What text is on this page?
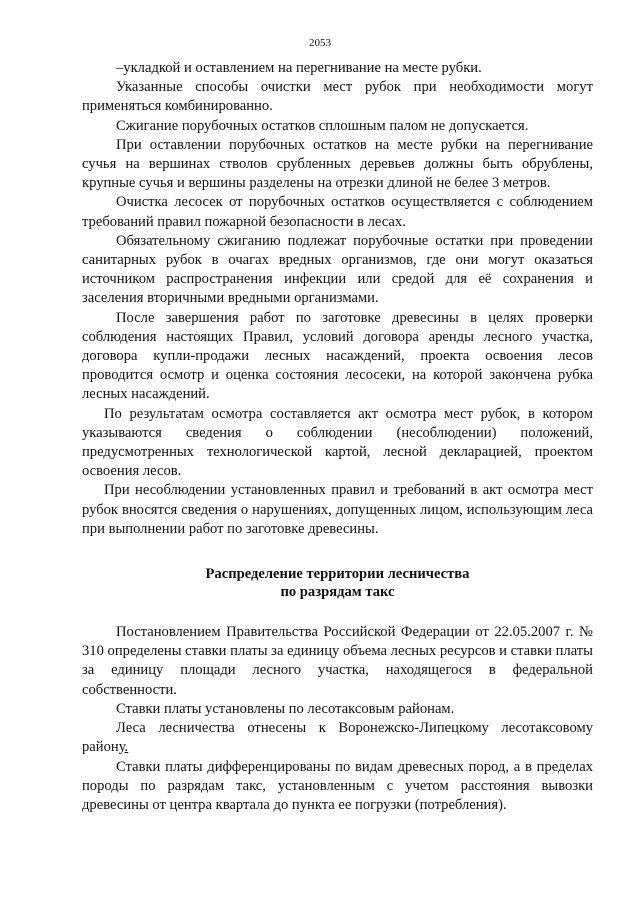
2053

–укладкой и оставлением на перегнивание на месте рубки.

Указанные способы очистки мест рубок при необходимости могут применяться комбинированно.

Сжигание порубочных остатков сплошным палом не допускается.

При оставлении порубочных остатков на месте рубки на перегнивание сучья на вершинах стволов срубленных деревьев должны быть обрублены, крупные сучья и вершины разделены на отрезки длиной не белее 3 метров.

Очистка лесосек от порубочных остатков осуществляется с соблюдением требований правил пожарной безопасности в лесах.

Обязательному сжиганию подлежат порубочные остатки при проведении санитарных рубок в очагах вредных организмов, где они могут оказаться источником распространения инфекции или средой для её сохранения и заселения вторичными вредными организмами.

После завершения работ по заготовке древесины в целях проверки соблюдения настоящих Правил, условий договора аренды лесного участка, договора купли-продажи лесных насаждений, проекта освоения лесов проводится осмотр и оценка состояния лесосеки, на которой закончена рубка лесных насаждений.

По результатам осмотра составляется акт осмотра мест рубок, в котором указываются сведения о соблюдении (несоблюдении) положений, предусмотренных технологической картой, лесной декларацией, проектом освоения лесов.

При несоблюдении установленных правил и требований в акт осмотра мест рубок вносятся сведения о нарушениях, допущенных лицом, использующим леса при выполнении работ по заготовке древесины.

Распределение территории лесничества
по разрядам такс

Постановлением Правительства Российской Федерации от 22.05.2007 г. № 310 определены ставки платы за единицу объема лесных ресурсов и ставки платы за единицу площади лесного участка, находящегося в федеральной собственности.

Ставки платы установлены по лесотаксовым районам.

Леса лесничества отнесены к Воронежско-Липецкому лесотаксовому району.

Ставки платы дифференцированы по видам древесных пород, а в пределах породы по разрядам такс, установленным с учетом расстояния вывозки древесины от центра квартала до пункта ее погрузки (потребления).
